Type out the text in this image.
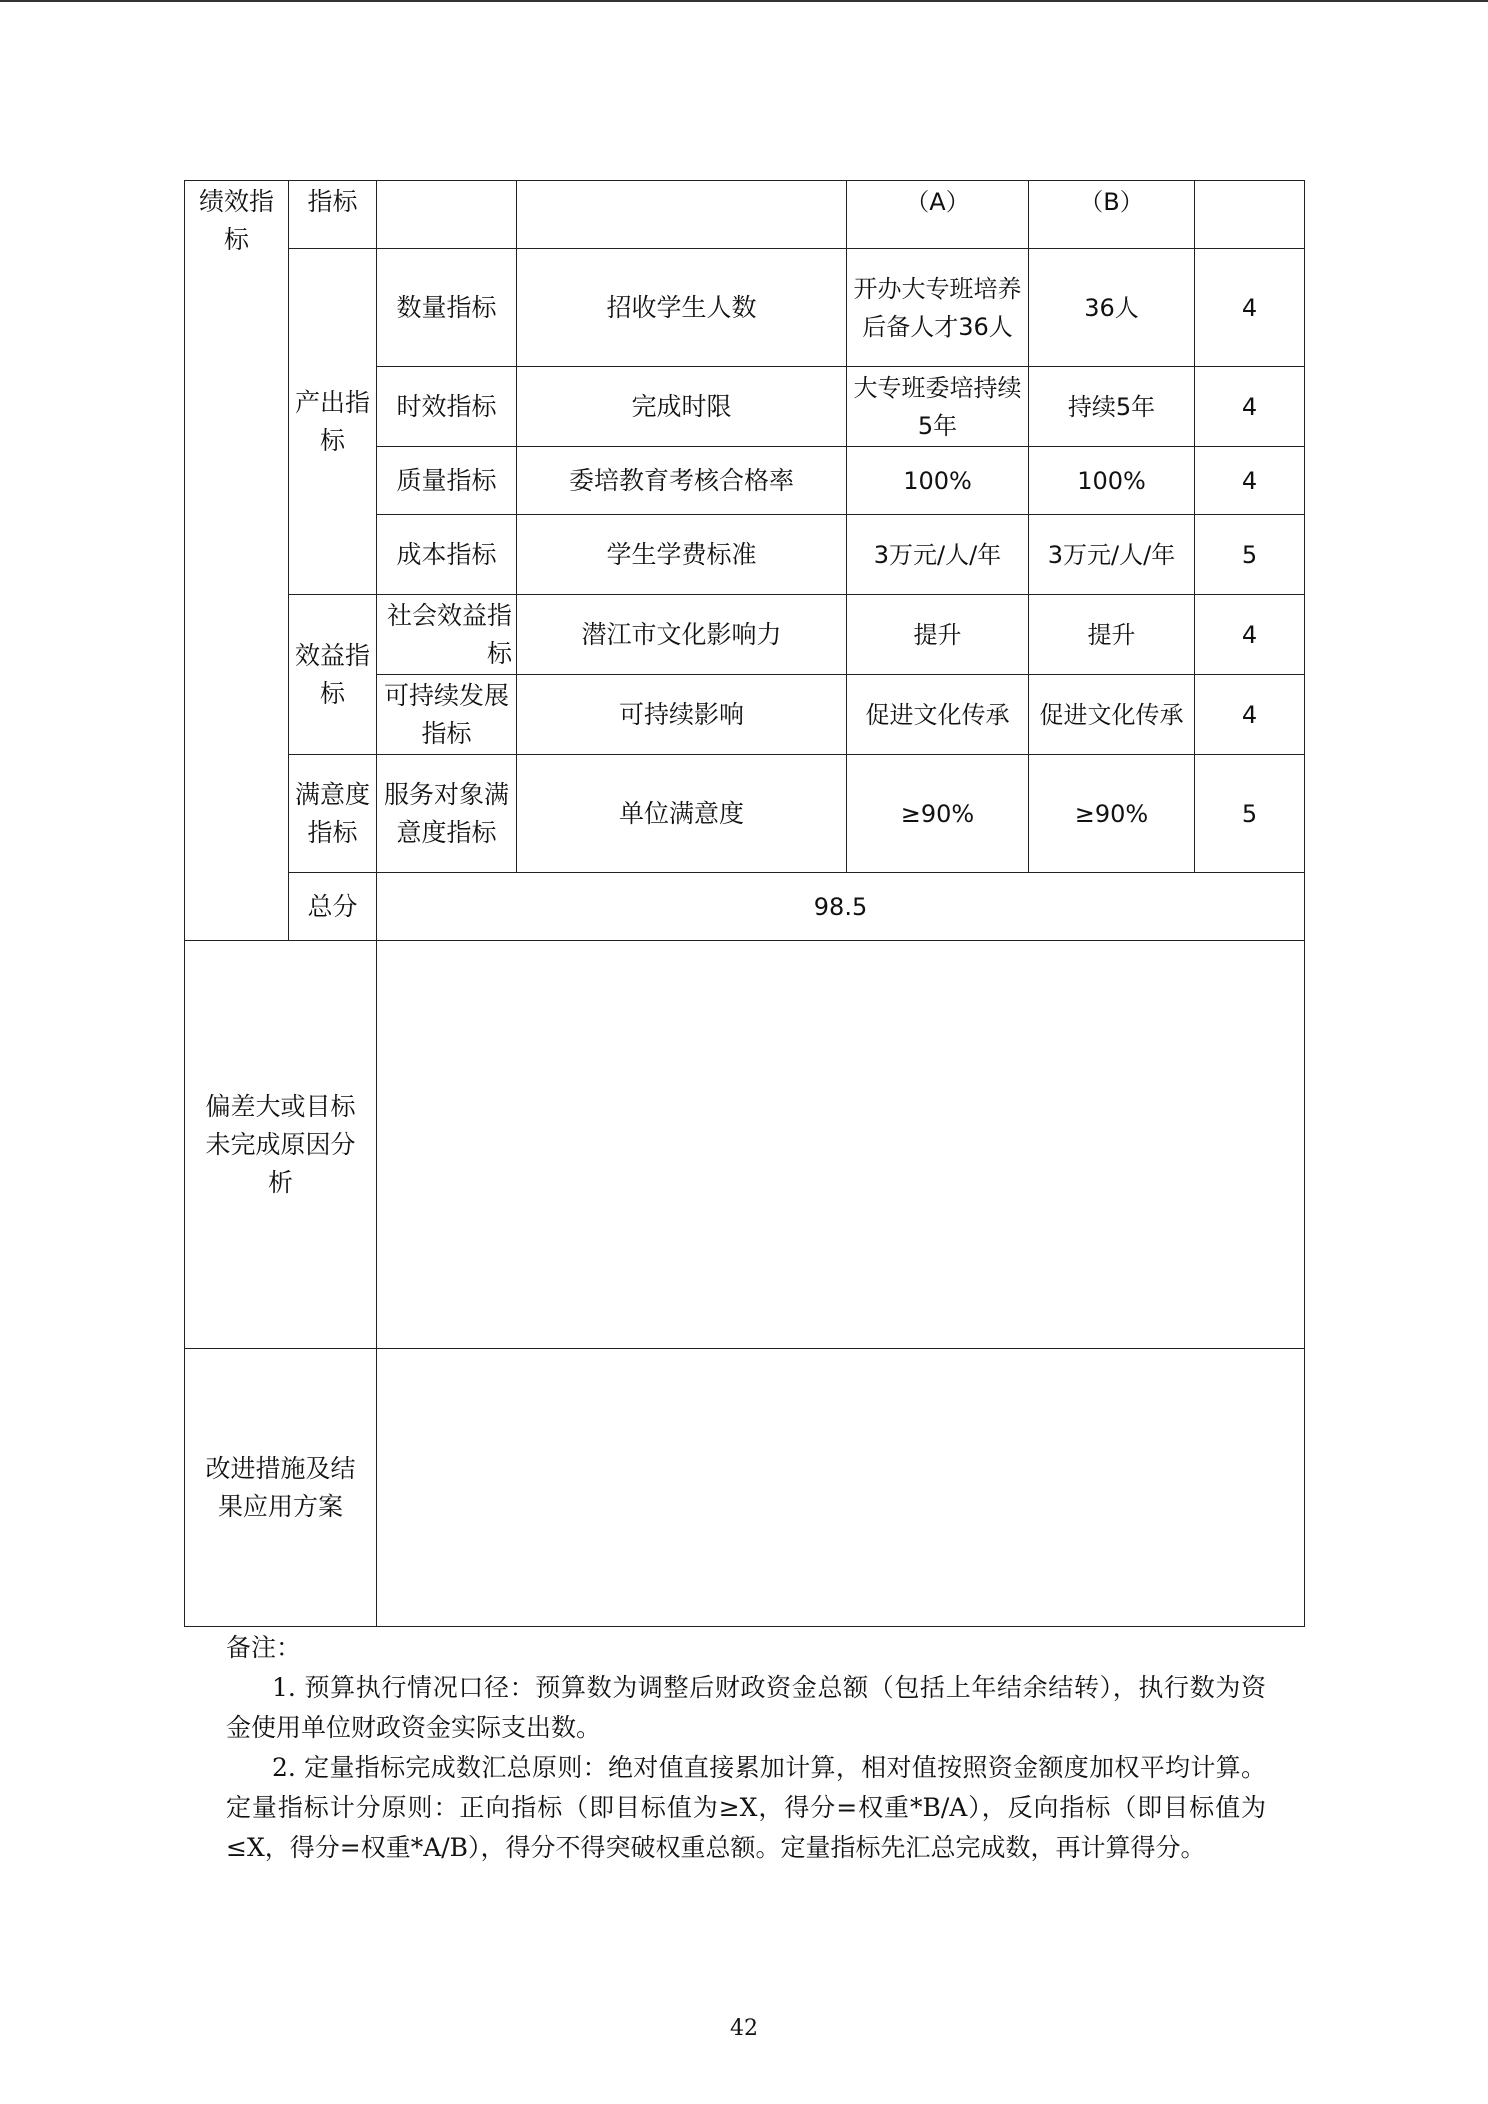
绩效指标	指标			（A）	（B）	
	产出指标	数量指标	招收学生人数	开办大专班培养后备人才36人	36人	4
		时效指标	完成时限	大专班委培持续5年	持续5年	4
		质量指标	委培教育考核合格率	100%	100%	4
		成本指标	学生学费标准	3万元/人/年	3万元/人/年	5
	效益指标	社会效益指标	潜江市文化影响力	提升	提升	4
		可持续发展指标	可持续影响	促进文化传承	促进文化传承	4
	满意度指标	服务对象满意度指标	单位满意度	≥90%	≥90%	5
	总分	98.5				
偏差大或目标未完成原因分析						
改进措施及结果应用方案						

备注：

1. 预算执行情况口径：预算数为调整后财政资金总额（包括上年结余结转），执行数为资金使用单位财政资金实际支出数。

2. 定量指标完成数汇总原则：绝对值直接累加计算，相对值按照资金额度加权平均计算。定量指标计分原则：正向指标（即目标值为≥X，得分=权重*B/A），反向指标（即目标值为≤X，得分=权重*A/B），得分不得突破权重总额。定量指标先汇总完成数，再计算得分。

42
